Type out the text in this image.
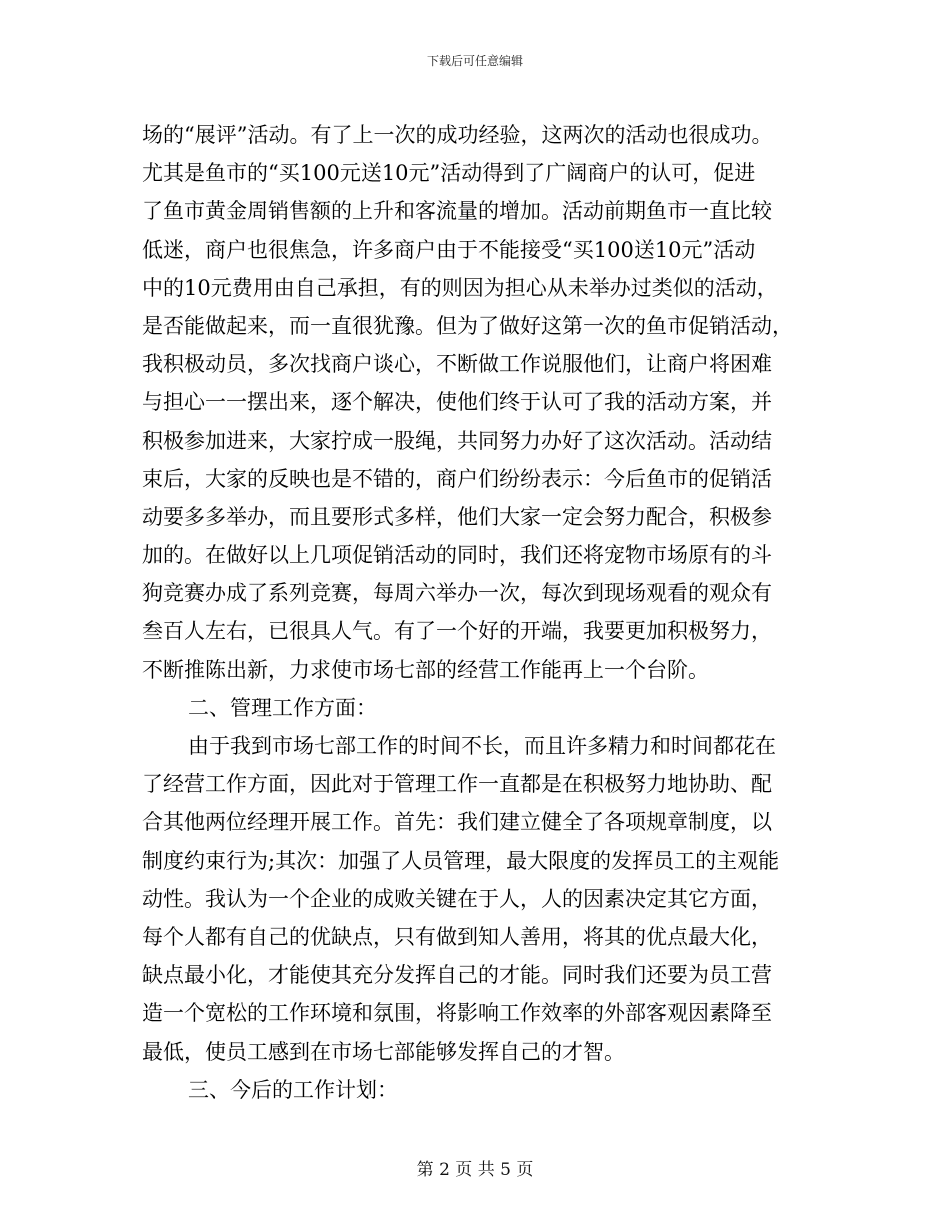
下载后可任意编辑
场的“展评”活动。有了上一次的成功经验，这两次的活动也很成功。
尤其是鱼市的“买100元送10元”活动得到了广阔商户的认可，促进
了鱼市黄金周销售额的上升和客流量的增加。活动前期鱼市一直比较
低迷，商户也很焦急，许多商户由于不能接受“买100送10元”活动
中的10元费用由自己承担，有的则因为担心从未举办过类似的活动，
是否能做起来，而一直很犹豫。但为了做好这第一次的鱼市促销活动，
我积极动员，多次找商户谈心，不断做工作说服他们，让商户将困难
与担心一一摆出来，逐个解决，使他们终于认可了我的活动方案，并
积极参加进来，大家拧成一股绳，共同努力办好了这次活动。活动结
束后，大家的反映也是不错的，商户们纷纷表示：今后鱼市的促销活
动要多多举办，而且要形式多样，他们大家一定会努力配合，积极参
加的。在做好以上几项促销活动的同时，我们还将宠物市场原有的斗
狗竞赛办成了系列竞赛，每周六举办一次，每次到现场观看的观众有
叁百人左右，已很具人气。有了一个好的开端，我要更加积极努力，
不断推陈出新，力求使市场七部的经营工作能再上一个台阶。
二、管理工作方面：
由于我到市场七部工作的时间不长，而且许多精力和时间都花在
了经营工作方面，因此对于管理工作一直都是在积极努力地协助、配
合其他两位经理开展工作。首先：我们建立健全了各项规章制度，以
制度约束行为;其次：加强了人员管理，最大限度的发挥员工的主观能
动性。我认为一个企业的成败关键在于人，人的因素决定其它方面，
每个人都有自己的优缺点，只有做到知人善用，将其的优点最大化，
缺点最小化，才能使其充分发挥自己的才能。同时我们还要为员工营
造一个宽松的工作环境和氛围，将影响工作效率的外部客观因素降至
最低，使员工感到在市场七部能够发挥自己的才智。
三、今后的工作计划：
第 2 页 共 5 页
